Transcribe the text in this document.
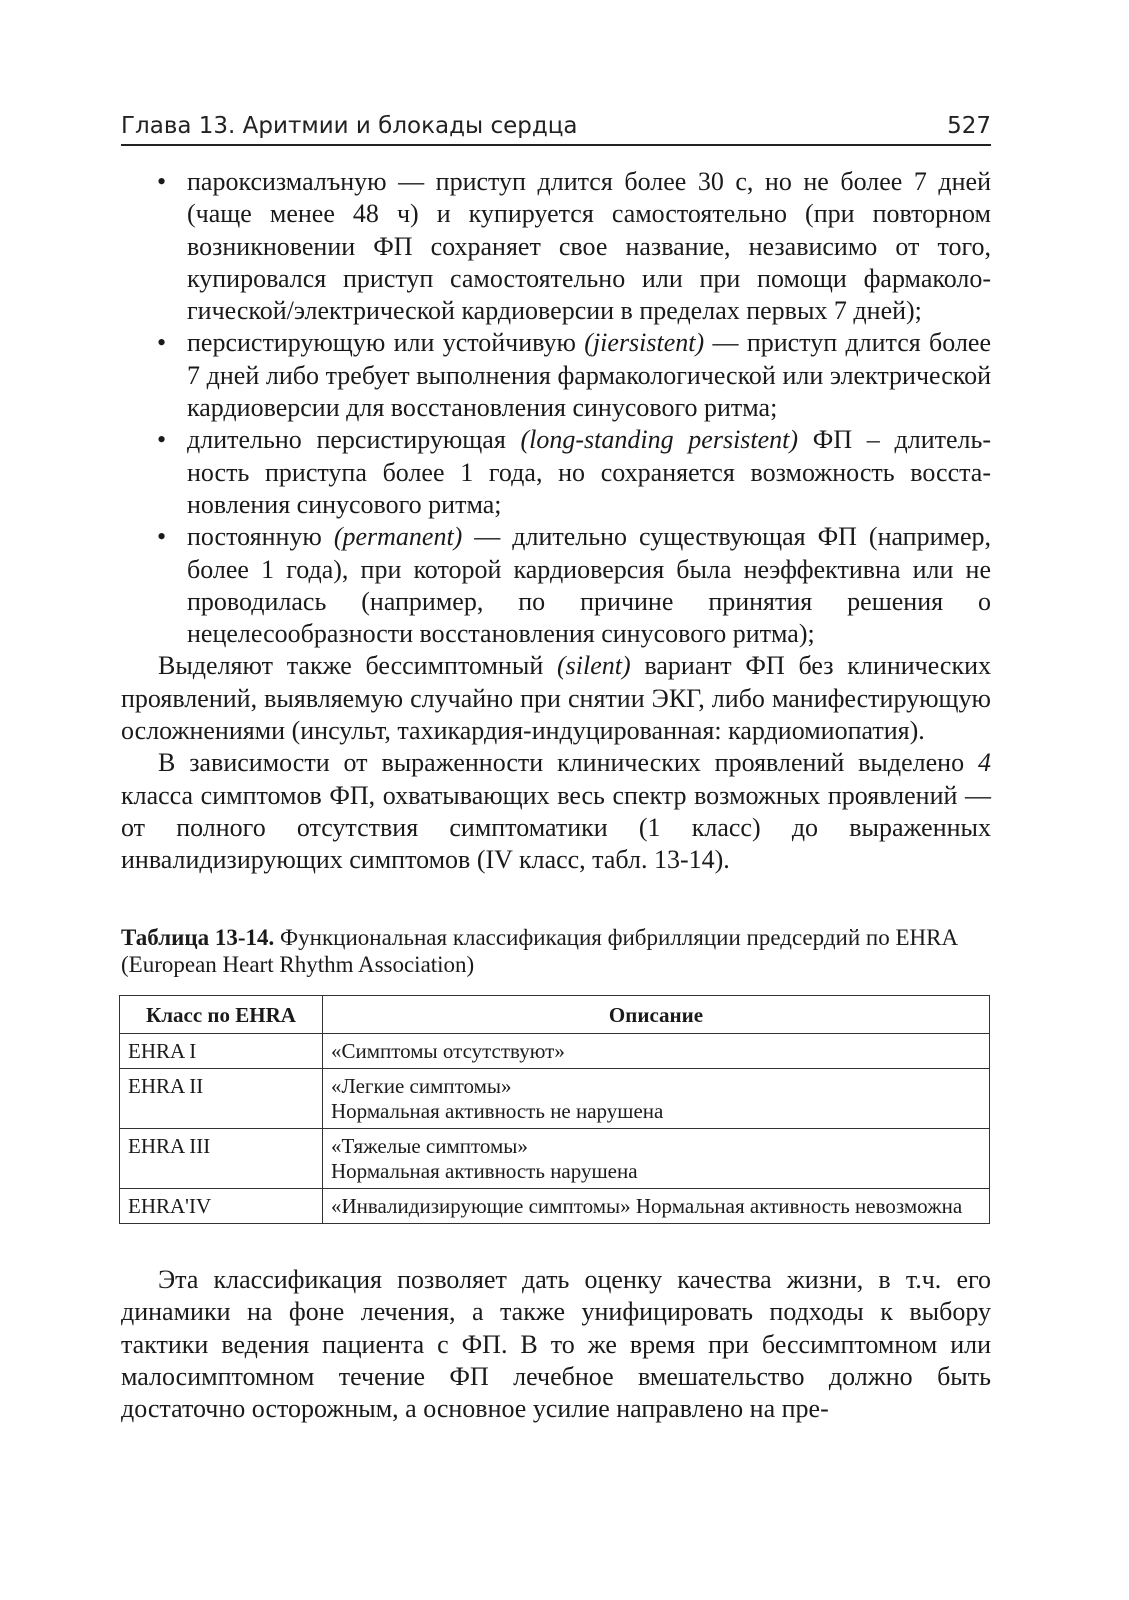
Глава 13. Аритмии и блокады сердца	527
• пароксизмалъную — приступ длится более 30 с, но не более 7 дней (чаще менее 48 ч) и купируется самостоятельно (при повторном возникновении ФП сохраняет свое название, независимо от того, купировался приступ самостоятельно или при помощи фармакологической/электрической кардиоверсии в пределах первых 7 дней);
• персистирующую или устойчивую (jiersistent) — приступ длится более 7 дней либо требует выполнения фармакологической или электрической кардиоверсии для восстановления синусового ритма;
• длительно персистирующая (long-standing persistent) ФП – длительность приступа более 1 года, но сохраняется возможность восстановления синусового ритма;
• постоянную (permanent) — длительно существующая ФП (например, более 1 года), при которой кардиоверсия была неэффективна или не проводилась (например, по причине принятия решения о нецелесообразности восстановления синусового ритма);

Выделяют также бессимптомный (silent) вариант ФП без клинических проявлений, выявляемую случайно при снятии ЭКГ, либо манифестирующую осложнениями (инсульт, тахикардия-индуцированная: кардиомиопатия).

В зависимости от выраженности клинических проявлений выделено 4 класса симптомов ФП, охватывающих весь спектр возможных проявлений — от полного отсутствия симптоматики (1 класс) до выраженных инвалидизирующих симптомов (IV класс, табл. 13-14).

Таблица 13-14. Функциональная классификация фибрилляции предсердий по EHRA (European Heart Rhythm Association)
Класс по EHRA	Описание
EHRA I	«Симптомы отсутствуют»

EHRA II	«Легкие симптомы»
Нормальная активность не нарушена

EHRA III	«Тяжелые симптомы»
Нормальная активность нарушена

EHRA'IV	«Инвалидизирующие симптомы» Нормальная активность невозможна

Эта классификация позволяет дать оценку качества жизни, в т.ч. его динамики на фоне лечения, а также унифицировать подходы к выбору тактики ведения пациента с ФП. В то же время при бессимптомном или малосимптомном течение ФП лечебное вмешательство должно быть достаточно осторожным, а основное усилие направлено на пре-
